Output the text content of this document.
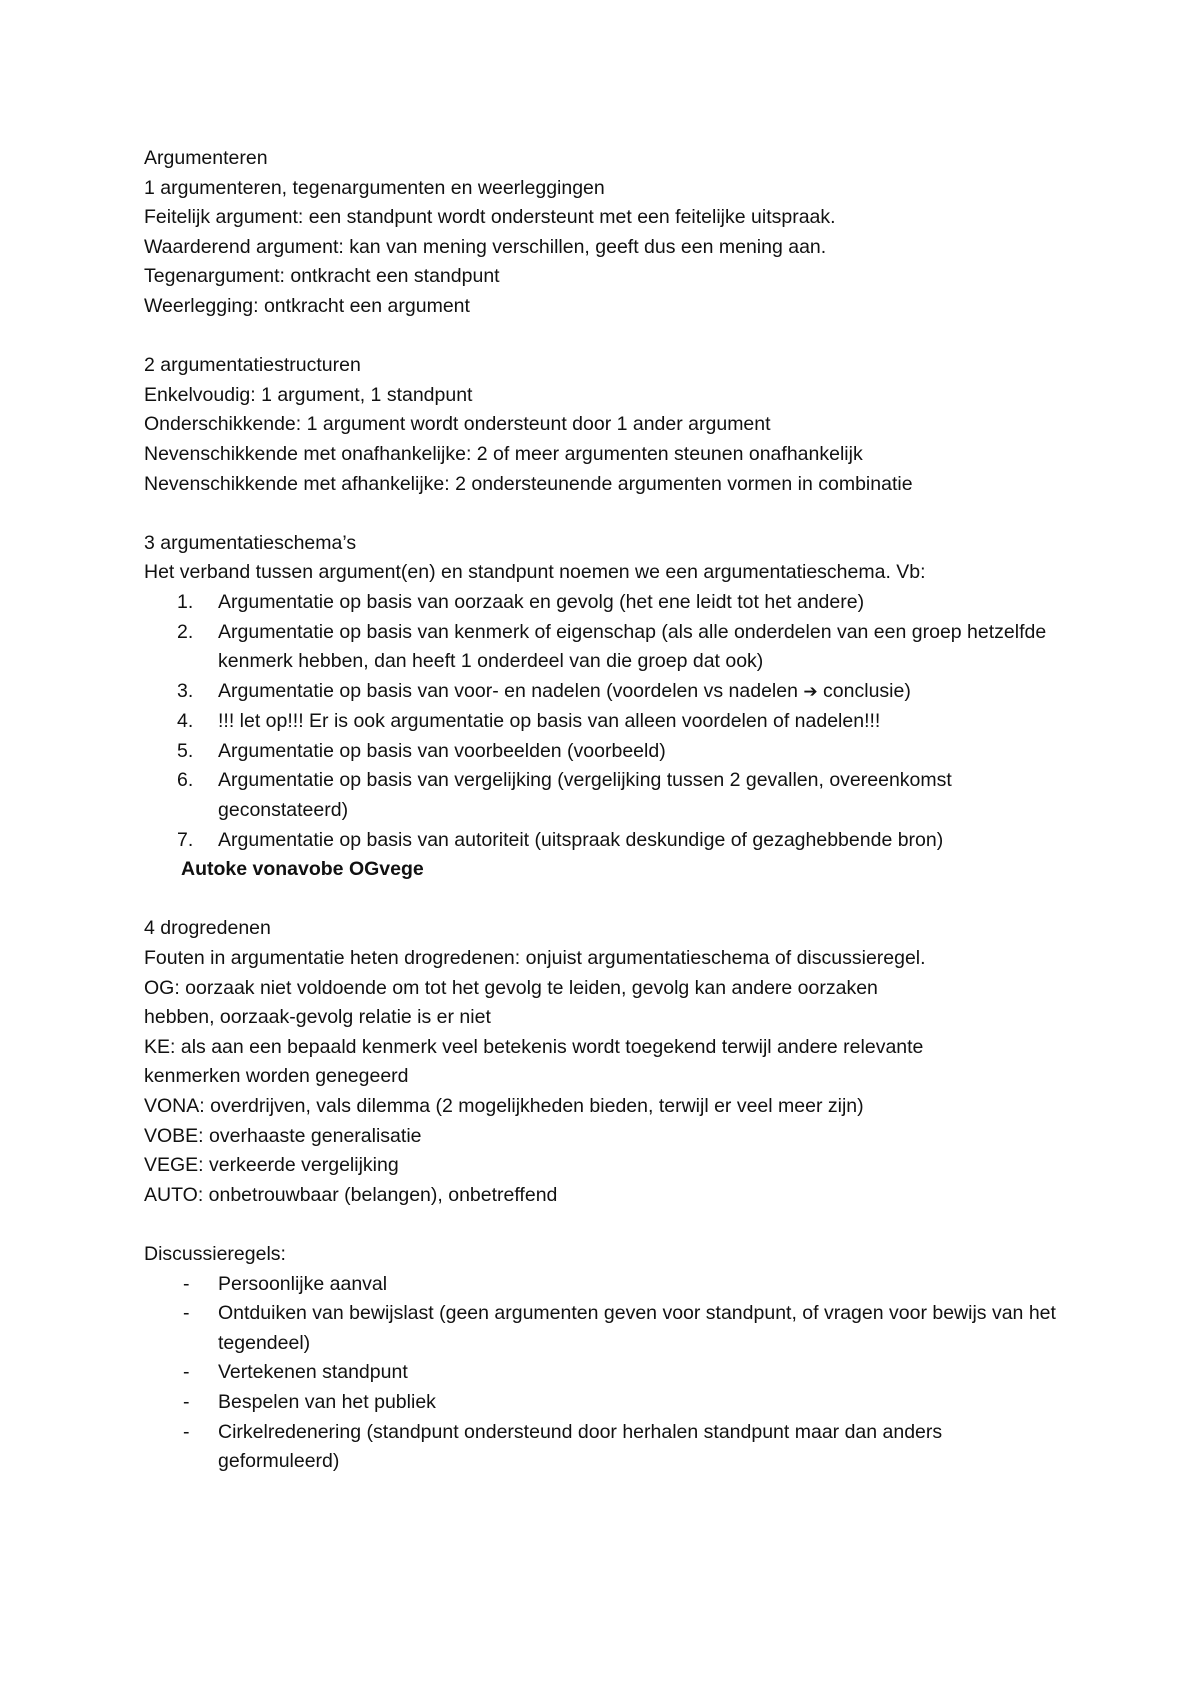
Argumenteren
1 argumenteren, tegenargumenten en weerleggingen
Feitelijk argument: een standpunt wordt ondersteunt met een feitelijke uitspraak.
Waarderend argument: kan van mening verschillen, geeft dus een mening aan.
Tegenargument: ontkracht een standpunt
Weerlegging: ontkracht een argument
2 argumentatiestructuren
Enkelvoudig: 1 argument, 1 standpunt
Onderschikkende: 1 argument wordt ondersteunt door 1 ander argument
Nevenschikkende met onafhankelijke: 2 of meer argumenten steunen onafhankelijk
Nevenschikkende met afhankelijke: 2 ondersteunende argumenten vormen in combinatie
3 argumentatieschema’s
Het verband tussen argument(en) en standpunt noemen we een argumentatieschema. Vb:
1.	Argumentatie op basis van oorzaak en gevolg (het ene leidt tot het andere)
2.	Argumentatie op basis van kenmerk of eigenschap (als alle onderdelen van een groep hetzelfde kenmerk hebben, dan heeft 1 onderdeel van die groep dat ook)
3.	Argumentatie op basis van voor- en nadelen (voordelen vs nadelen ➔ conclusie)
4.	!!! let op!!! Er is ook argumentatie op basis van alleen voordelen of nadelen!!!
5.	Argumentatie op basis van voorbeelden (voorbeeld)
6.	Argumentatie op basis van vergelijking (vergelijking tussen 2 gevallen, overeenkomst geconstateerd)
7.	Argumentatie op basis van autoriteit (uitspraak deskundige of gezaghebbende bron)
Autoke vonavobe OGvege
4 drogredenen
Fouten in argumentatie heten drogredenen: onjuist argumentatieschema of discussieregel.
OG: oorzaak niet voldoende om tot het gevolg te leiden, gevolg kan andere oorzaken
hebben, oorzaak-gevolg relatie is er niet
KE: als aan een bepaald kenmerk veel betekenis wordt toegekend terwijl andere relevante
kenmerken worden genegeerd
VONA: overdrijven, vals dilemma (2 mogelijkheden bieden, terwijl er veel meer zijn)
VOBE: overhaaste generalisatie
VEGE: verkeerde vergelijking
AUTO: onbetrouwbaar (belangen), onbetreffend
Discussieregels:
-	Persoonlijke aanval
-	Ontduiken van bewijslast (geen argumenten geven voor standpunt, of vragen voor bewijs van het tegendeel)
-	Vertekenen standpunt
-	Bespelen van het publiek
-	Cirkelredenering (standpunt ondersteund door herhalen standpunt maar dan anders geformuleerd)
